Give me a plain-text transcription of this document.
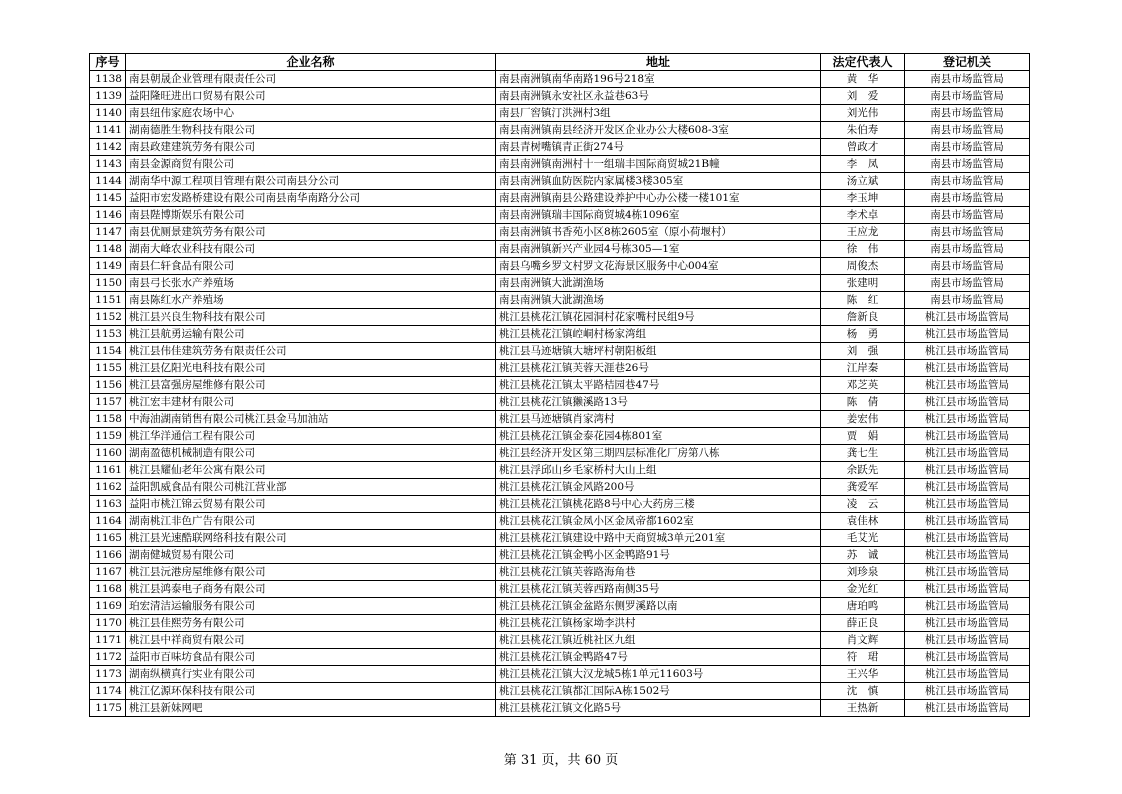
序号	企业名称	地址	法定代表人	登记机关
1138	南县朝晟企业管理有限责任公司	南县南洲镇南华南路196号218室	黄　华	南县市场监管局
1139	益阳隆旺进出口贸易有限公司	南县南洲镇永安社区永益巷63号	刘　爱	南县市场监管局
1140	南县纽伟家庭农场中心	南县厂窖镇汀洪洲村3组	刘光伟	南县市场监管局
1141	湖南德胜生物科技有限公司	南县南洲镇南县经济开发区企业办公大楼608-3室	朱伯寿	南县市场监管局
1142	南县政建建筑劳务有限公司	南县青树嘴镇青正街274号	曾政才	南县市场监管局
1143	南县金源商贸有限公司	南县南洲镇南洲村十一组瑞丰国际商贸城21B幢	李　凤	南县市场监管局
1144	湖南华中源工程项目管理有限公司南县分公司	南县南洲镇血防医院内家属楼3楼305室	汤立斌	南县市场监管局
1145	益阳市宏发路桥建设有限公司南县南华南路分公司	南县南洲镇南县公路建设养护中心办公楼一楼101室	李玉坤	南县市场监管局
1146	南县陛博斯娱乐有限公司	南县南洲镇瑞丰国际商贸城4栋1096室	李术卓	南县市场监管局
1147	南县优厕景建筑劳务有限公司	南县南洲镇书香苑小区8栋2605室（原小荷堰村）	王应龙	南县市场监管局
1148	湖南大峰农业科技有限公司	南县南洲镇新兴产业园4号栋305—1室	徐　伟	南县市场监管局
1149	南县仁轩食品有限公司	南县乌嘴乡罗文村罗文花海景区服务中心004室	周俊杰	南县市场监管局
1150	南县弓长张水产养殖场	南县南洲镇大泚湖渔场	张建明	南县市场监管局
1151	南县陈红水产养殖场	南县南洲镇大泚湖渔场	陈　红	南县市场监管局
1152	桃江县兴良生物科技有限公司	桃江县桃花江镇花园洞村花家嘴村民组9号	詹新良	桃江县市场监管局
1153	桃江县航勇运输有限公司	桃江县桃花江镇崆峒村杨家湾组	杨　勇	桃江县市场监管局
1154	桃江县伟佳建筑劳务有限责任公司	桃江县马迹塘镇大塘坪村朝阳板组	刘　强	桃江县市场监管局
1155	桃江县亿阳光电科技有限公司	桃江县桃花江镇芙蓉天涯巷26号	江岸秦	桃江县市场监管局
1156	桃江县富强房屋维修有限公司	桃江县桃花江镇太平路桔园巷47号	邓芝英	桃江县市场监管局
1157	桃江宏丰建材有限公司	桃江县桃花江镇獭溪路13号	陈　倩	桃江县市场监管局
1158	中海油湖南销售有限公司桃江县金马加油站	桃江县马迹塘镇肖家湾村	姜宏伟	桃江县市场监管局
1159	桃江华洋通信工程有限公司	桃江县桃花江镇金泰花园4栋801室	贾　娟	桃江县市场监管局
1160	湖南盈德机械制造有限公司	桃江县经济开发区第三期四层标准化厂房第八栋	龚七生	桃江县市场监管局
1161	桃江县耀仙老年公寓有限公司	桃江县浮邱山乡毛家桥村大山上组	余跃先	桃江县市场监管局
1162	益阳凯威食品有限公司桃江营业部	桃江县桃花江镇金风路200号	龚爱军	桃江县市场监管局
1163	益阳市桃江锦云贸易有限公司	桃江县桃花江镇桃花路8号中心大药房三楼	凌　云	桃江县市场监管局
1164	湖南桃江非色广告有限公司	桃江县桃花江镇金凤小区金凤帝都1602室	袁佳林	桃江县市场监管局
1165	桃江县光速酷联网络科技有限公司	桃江县桃花江镇建设中路中天商贸城3单元201室	毛艾光	桃江县市场监管局
1166	湖南健城贸易有限公司	桃江县桃花江镇金鸭小区金鸭路91号	苏　诚	桃江县市场监管局
1167	桃江县沅港房屋维修有限公司	桃江县桃花江镇芙蓉路海角巷	刘珍泉	桃江县市场监管局
1168	桃江县鸿泰电子商务有限公司	桃江县桃花江镇芙蓉西路南侧35号	金光红	桃江县市场监管局
1169	珀宏清洁运输服务有限公司	桃江县桃花江镇金盆路东侧罗溪路以南	唐珀鸣	桃江县市场监管局
1170	桃江县佳熙劳务有限公司	桃江县桃花江镇杨家坳李洪村	薛正良	桃江县市场监管局
1171	桃江县中祥商贸有限公司	桃江县桃花江镇近桃社区九组	肖文辉	桃江县市场监管局
1172	益阳市百味坊食品有限公司	桃江县桃花江镇金鸭路47号	符　珺	桃江县市场监管局
1173	湖南纵横真行实业有限公司	桃江县桃花江镇大汉龙城5栋1单元11603号	王兴华	桃江县市场监管局
1174	桃江亿源环保科技有限公司	桃江县桃花江镇都汇国际A栋1502号	沈　慎	桃江县市场监管局
1175	桃江县新妹网吧	桃江县桃花江镇文化路5号	王热新	桃江县市场监管局
第 31 页，共 60 页
